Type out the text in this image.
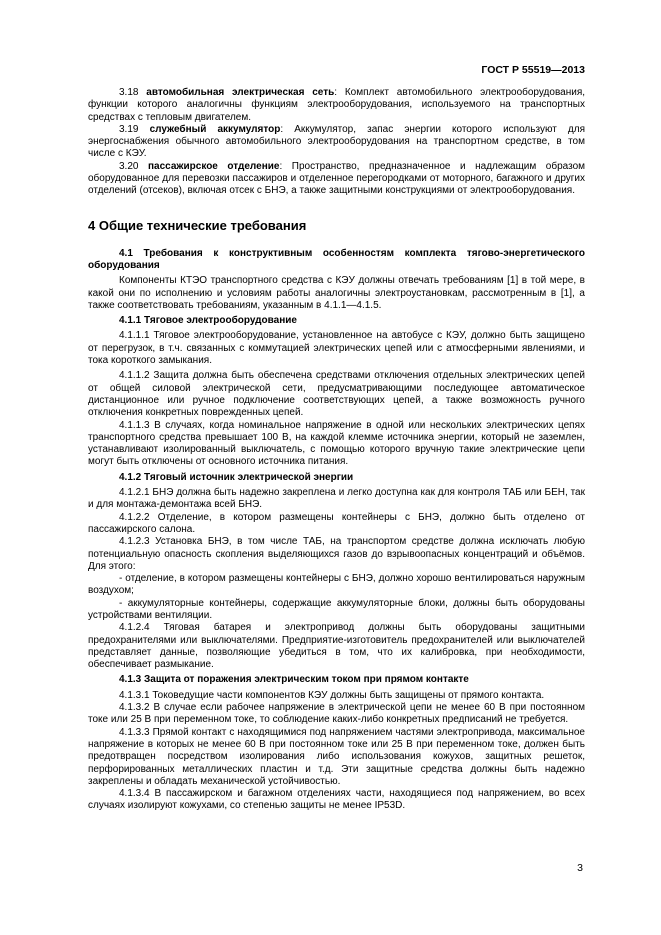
ГОСТ Р 55519—2013

3.18 автомобильная электрическая сеть: Комплект автомобильного электрооборудования, функции которого аналогичны функциям электрооборудования, используемого на транспортных средствах с тепловым двигателем.

3.19 служебный аккумулятор: Аккумулятор, запас энергии которого используют для энергоснабжения обычного автомобильного электрооборудования на транспортном средстве, в том числе с КЭУ.

3.20 пассажирское отделение: Пространство, предназначенное и надлежащим образом оборудованное для перевозки пассажиров и отделенное перегородками от моторного, багажного и других отделений (отсеков), включая отсек с БНЭ, а также защитными конструкциями от электрооборудования.

4 Общие технические требования

4.1 Требования к конструктивным особенностям комплекта тягово-энергетического оборудования

Компоненты КТЭО транспортного средства с КЭУ должны отвечать требованиям [1] в той мере, в какой они по исполнению и условиям работы аналогичны электроустановкам, рассмотренным в [1], а также соответствовать требованиям, указанным в 4.1.1—4.1.5.

4.1.1 Тяговое электрооборудование

4.1.1.1 Тяговое электрооборудование, установленное на автобусе с КЭУ, должно быть защищено от перегрузок, в т.ч. связанных с коммутацией электрических цепей или с атмосферными явлениями, и тока короткого замыкания.

4.1.1.2 Защита должна быть обеспечена средствами отключения отдельных электрических цепей от общей силовой электрической сети, предусматривающими последующее автоматическое дистанционное или ручное подключение соответствующих цепей, а также возможность ручного отключения конкретных поврежденных цепей.

4.1.1.3 В случаях, когда номинальное напряжение в одной или нескольких электрических цепях транспортного средства превышает 100 В, на каждой клемме источника энергии, который не заземлен, устанавливают изолированный выключатель, с помощью которого вручную такие электрические цепи могут быть отключены от основного источника питания.

4.1.2 Тяговый источник электрической энергии

4.1.2.1 БНЭ должна быть надежно закреплена и легко доступна как для контроля ТАБ или БЕН, так и для монтажа-демонтажа всей БНЭ.

4.1.2.2 Отделение, в котором размещены контейнеры с БНЭ, должно быть отделено от пассажирского салона.

4.1.2.3 Установка БНЭ, в том числе ТАБ, на транспортом средстве должна исключать любую потенциальную опасность скопления выделяющихся газов до взрывоопасных концентраций и объёмов. Для этого:

- отделение, в котором размещены контейнеры с БНЭ, должно хорошо вентилироваться наружным воздухом;

- аккумуляторные контейнеры, содержащие аккумуляторные блоки, должны быть оборудованы устройствами вентиляции.

4.1.2.4 Тяговая батарея и электропривод должны быть оборудованы защитными предохранителями или выключателями. Предприятие-изготовитель предохранителей или выключателей представляет данные, позволяющие убедиться в том, что их калибровка, при необходимости, обеспечивает размыкание.

4.1.3 Защита от поражения электрическим током при прямом контакте

4.1.3.1 Токоведущие части компонентов КЭУ должны быть защищены от прямого контакта.

4.1.3.2 В случае если рабочее напряжение в электрической цепи не менее 60 В при постоянном токе или 25 В при переменном токе, то соблюдение каких-либо конкретных предписаний не требуется.

4.1.3.3 Прямой контакт с находящимися под напряжением частями электропривода, максимальное напряжение в которых не менее 60 В при постоянном токе или 25 В при переменном токе, должен быть предотвращен посредством изолирования либо использования кожухов, защитных решеток, перфорированных металлических пластин и т.д. Эти защитные средства должны быть надежно закреплены и обладать механической устойчивостью.

4.1.3.4 В пассажирском и багажном отделениях части, находящиеся под напряжением, во всех случаях изолируют кожухами, со степенью защиты не менее IP53D.

3
